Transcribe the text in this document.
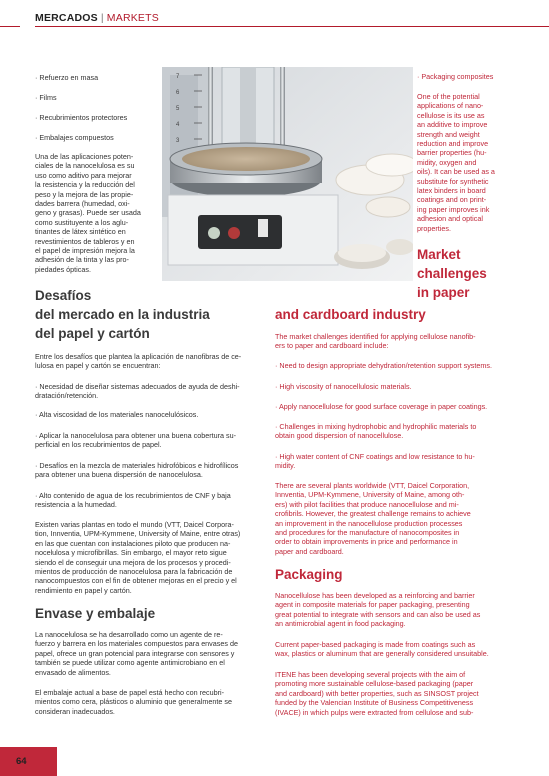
MERCADOS | MARKETS
7
6
5
4
3
· Refuerzo en masa
· Films
· Recubrimientos protectores
· Embalajes compuestos
Una de las aplicaciones poten-
ciales de la nanocelulosa es su
uso como aditivo para mejorar
la resistencia y la reducción del
peso y la mejora de las propie-
dades barrera (humedad, oxi-
geno y grasas). Puede ser usada
como sustituyente a los aglu-
tinantes de látex sintético en
revestimientos de tableros y en
el papel de impresión mejora la
adhesión de la tinta y las pro-
piedades ópticas.
· Packaging composites
One of the potential
applications of nano-
cellulose is its use as
an additive to improve
strength and weight
reduction and improve
barrier properties (hu-
midity, oxygen and
oils). It can be used as a
substitute for synthetic
latex binders in board
coatings and on print-
ing paper improves ink
adhesion and optical
properties.
Market
challenges
in paper
and cardboard industry
Desafíos
del mercado en la industria
del papel y cartón
Entre los desafíos que plantea la aplicación de nanofibras de ce-
lulosa en papel y cartón se encuentran:
· Necesidad de diseñar sistemas adecuados de ayuda de deshi-
dratación/retención.
· Alta viscosidad de los materiales nanocelulósicos.
· Aplicar la nanocelulosa para obtener una buena cobertura su-
perficial en los recubrimientos de papel.
· Desafíos en la mezcla de materiales hidrofóbicos e hidrofílicos
para obtener una buena dispersión de nanocelulosa.
· Alto contenido de agua de los recubrimientos de CNF y baja
resistencia a la humedad.
Existen varias plantas en todo el mundo (VTT, Daicel Corpora-
tion, Innventia, UPM-Kymmene, University of Maine, entre otras)
en las que cuentan con instalaciones piloto que producen na-
nocelulosa y microfibrillas. Sin embargo, el mayor reto sigue
siendo el de conseguir una mejora de los procesos y procedi-
mientos de producción de nanocelulosa para la fabricación de
nanocompuestos con el fin de obtener mejoras en el precio y el
rendimiento en papel y cartón.
Envase y embalaje
La nanocelulosa se ha desarrollado como un agente de re-
fuerzo y barrera en los materiales compuestos para envases de
papel, ofrece un gran potencial para integrarse con sensores y
también se puede utilizar como agente antimicrobiano en el
envasado de alimentos.
El embalaje actual a base de papel está hecho con recubri-
mientos como cera, plásticos o aluminio que generalmente se
consideran inadecuados.
The market challenges identified for applying cellulose nanofib-
ers to paper and cardboard include:
· Need to design appropriate dehydration/retention support systems.
· High viscosity of nanocellulosic materials.
· Apply nanocellulose for good surface coverage in paper coatings.
· Challenges in mixing hydrophobic and hydrophilic materials to
obtain good dispersion of nanocellulose.
· High water content of CNF coatings and low resistance to hu-
midity.
There are several plants worldwide (VTT, Daicel Corporation,
Innventia, UPM-Kymmene, University of Maine, among oth-
ers) with pilot facilities that produce nanocellulose and mi-
crofibrils. However, the greatest challenge remains to achieve
an improvement in the nanocellulose production processes
and procedures for the manufacture of nanocomposites in
order to obtain improvements in price and performance in
paper and cardboard.
Packaging
Nanocellulose has been developed as a reinforcing and barrier
agent in composite materials for paper packaging, presenting
great potential to integrate with sensors and can also be used as
an antimicrobial agent in food packaging.
Current paper-based packaging is made from coatings such as
wax, plastics or aluminum that are generally considered unsuitable.
ITENE has been developing several projects with the aim of
promoting more sustainable cellulose-based packaging (paper
and cardboard) with better properties, such as SINSOST project
funded by the Valencian Institute of Business Competitiveness
(IVACE) in which pulps were extracted from cellulose and sub-
64
